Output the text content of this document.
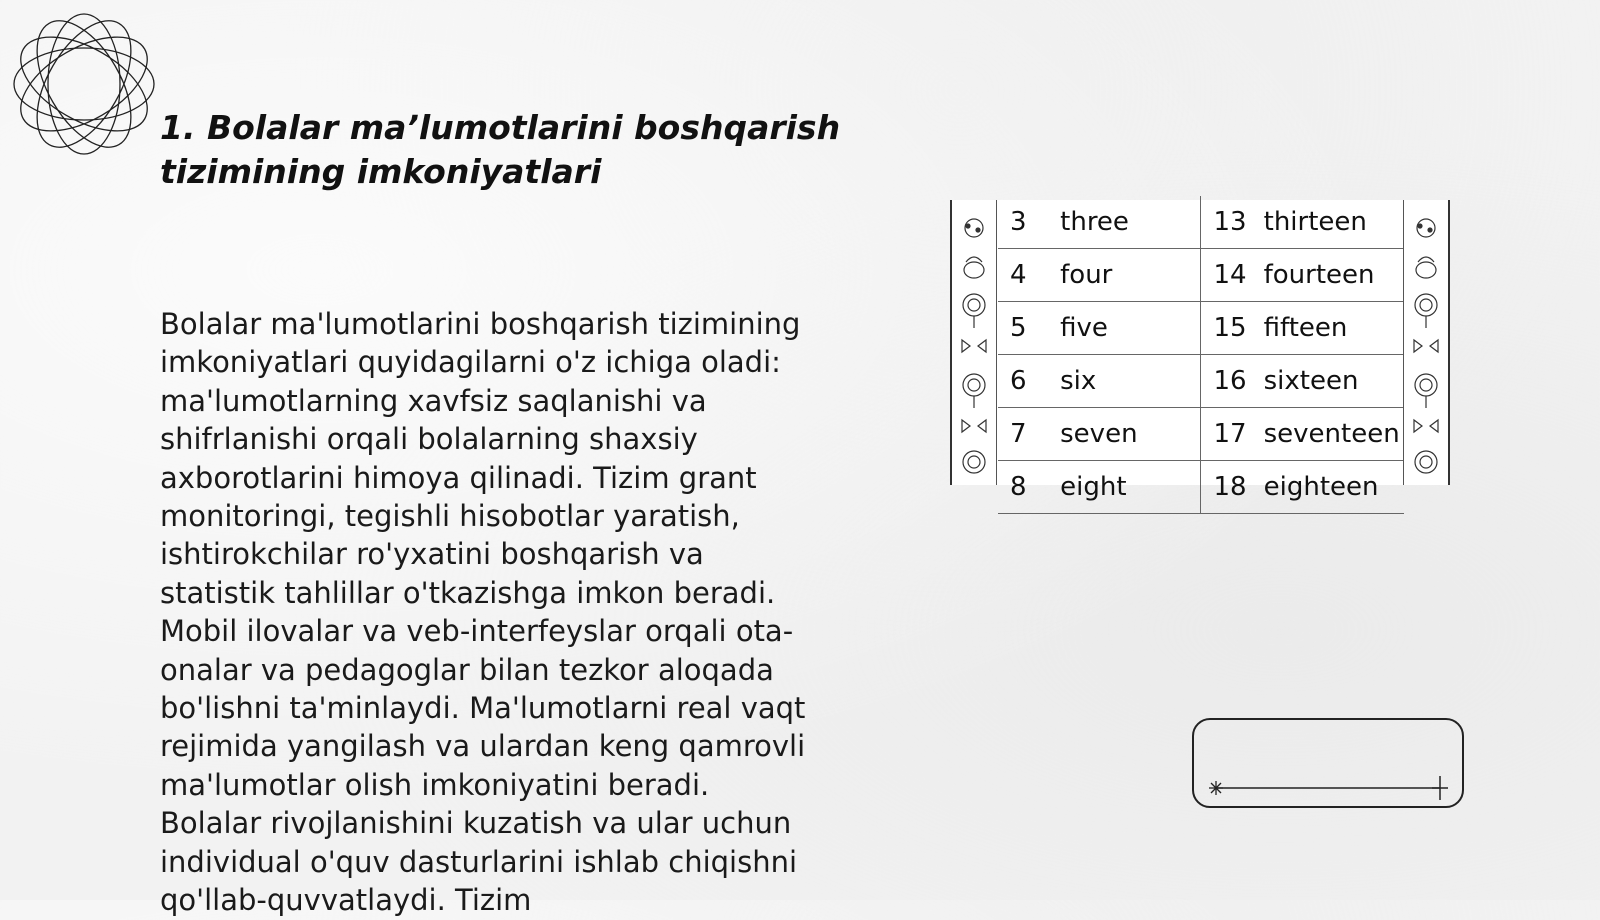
1. Bolalar ma’lumotlarini boshqarish
tizimining imkoniyatlari

Bolalar ma'lumotlarini boshqarish tizimining
imkoniyatlari quyidagilarni o'z ichiga oladi:
ma'lumotlarning xavfsiz saqlanishi va
shifrlanishi orqali bolalarning shaxsiy
axborotlarini himoya qilinadi. Tizim grant
monitoringi, tegishli hisobotlar yaratish,
ishtirokchilar ro'yxatini boshqarish va
statistik tahlillar o'tkazishga imkon beradi.
Mobil ilovalar va veb-interfeyslar orqali ota-
onalar va pedagoglar bilan tezkor aloqada
bo'lishni ta'minlaydi. Ma'lumotlarni real vaqt
rejimida yangilash va ulardan keng qamrovli
ma'lumotlar olish imkoniyatini beradi.
Bolalar rivojlanishini kuzatish va ular uchun
individual o'quv dasturlarini ishlab chiqishni
qo'llab-quvvatlaydi. Tizim

3	three	13	thirteen
4	four	14	fourteen
5	five	15	fifteen
6	six	16	sixteen
7	seven	17	seventeen
8	eight	18	eighteen
